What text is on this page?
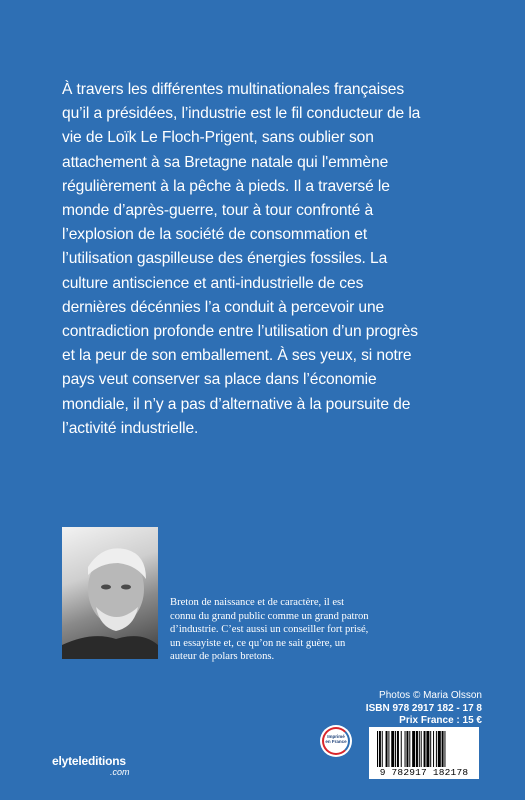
À travers les différentes multinationales françaises
qu’il a présidées, l’industrie est le fil conducteur de la
vie de Loïk Le Floch-Prigent, sans oublier son
attachement à sa Bretagne natale qui l'emmène
régulièrement à la pêche à pieds. Il a traversé le
monde d’après-guerre, tour à tour confronté à
l’explosion de la société de consommation et
l’utilisation gaspilleuse des énergies fossiles. La
culture antiscience et anti-industrielle de ces
dernières décénnies l’a conduit à percevoir une
contradiction profonde entre l’utilisation d’un progrès
et la peur de son emballement. À ses yeux, si notre
pays veut conserver sa place dans l’économie
mondiale, il n’y a pas d’alternative à la poursuite de
l’activité industrielle.
Breton de naissance et de caractère, il est
connu du grand public comme un grand patron
d’industrie. C’est aussi un conseiller fort prisé,
un essayiste et, ce qu’on ne sait guère, un
auteur de polars bretons.
Photos © Maria Olsson
ISBN 978 2917 182 - 17 8
Prix France : 15 €
elyteleditions
.com
Imprimé
en France
9 782917 182178
